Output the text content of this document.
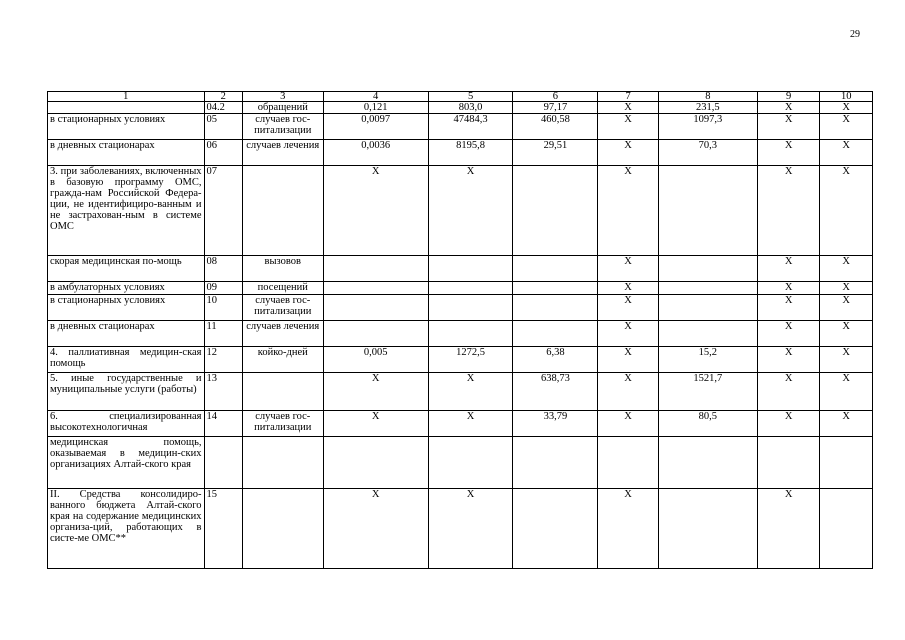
29
1	2	3	4	5	6	7	8	9	10
	04.2	обращений	0,121	803,0	97,17	X	231,5	X	X
в стационарных условиях	05	случаев гос-питализации	0,0097	47484,3	460,58	X	1097,3	X	X
в дневных стационарах	06	случаев лечения	0,0036	8195,8	29,51	X	70,3	X	X
3. при заболеваниях, включенных в базовую программу ОМС, гражда-нам Российской Федера-ции, не идентифициро-ванным и не застрахован-ным в системе ОМС	07		X	X		X		X	X
скорая медицинская по-мощь	08	вызовов				X		X	X
в амбулаторных условиях	09	посещений				X		X	X
в стационарных условиях	10	случаев гос-питализации				X		X	X
в дневных стационарах	11	случаев лечения				X		X	X
4. паллиативная медицин-ская помощь	12	койко-дней	0,005	1272,5	6,38	X	15,2	X	X
5. иные государственные и муниципальные услуги (работы)	13		X	X	638,73	X	1521,7	X	X
6. специализированная высокотехнологичная	14	случаев гос-питализации	X	X	33,79	X	80,5	X	X
медицинская помощь, оказываемая в медицин-ских организациях Алтай-ского края									
II. Средства консолидиро-ванного бюджета Алтай-ского края на содержание медицинских организа-ций, работающих в систе-ме ОМС**	15		X	X		X		X	
